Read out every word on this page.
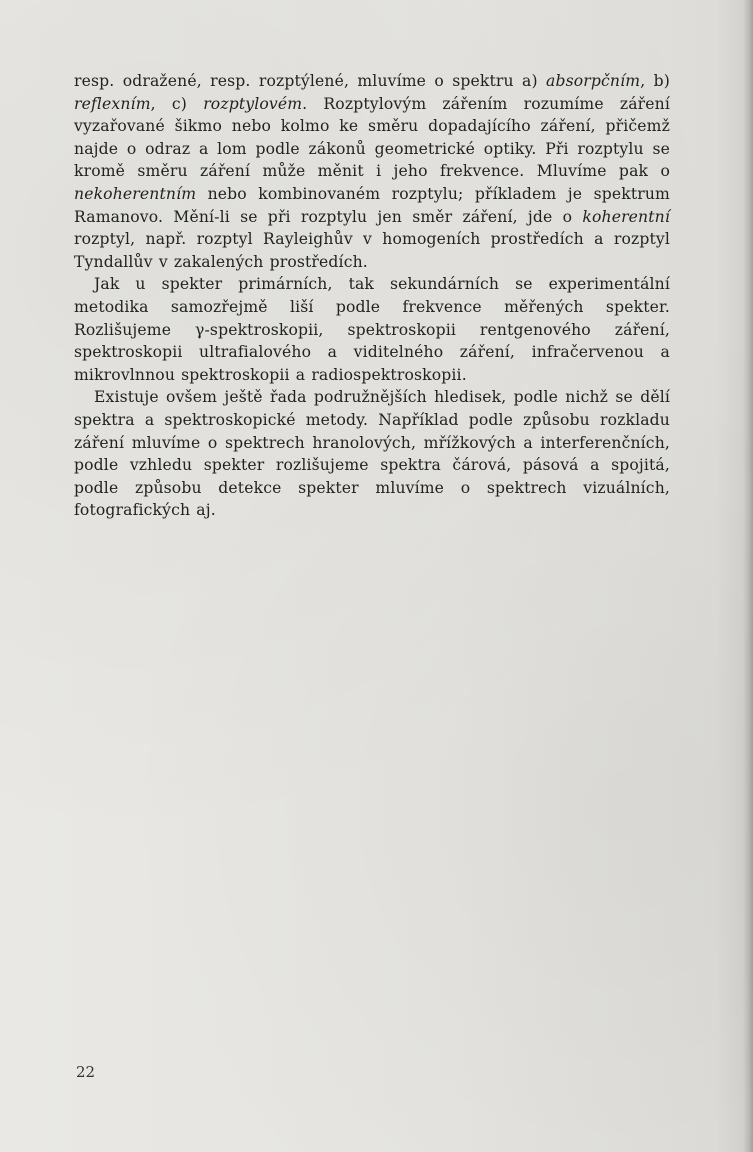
resp. odražené, resp. rozptýlené, mluvíme o spektru a) absorpčním, b) reflexním, c) rozptylovém. Rozptylovým zářením rozumíme záření vyzařované šikmo nebo kolmo ke směru dopadajícího záření, přičemž najde o odraz a lom podle zákonů geometrické optiky. Při rozptylu se kromě směru záření může měnit i jeho frekvence. Mluvíme pak o nekoherentním nebo kombinovaném rozptylu; příkladem je spektrum Ramanovo. Mění-li se při rozptylu jen směr záření, jde o koherentní rozptyl, např. rozptyl Rayleighův v homogeních prostředích a rozptyl Tyndallův v zakalených prostředích.

Jak u spekter primárních, tak sekundárních se experimentální metodika samozřejmě liší podle frekvence měřených spekter. Rozlišujeme γ-spektroskopii, spektroskopii rentgenového záření, spektroskopii ultrafialového a viditelného záření, infračervenou a mikrovlnnou spektroskopii a radiospektroskopii.

Existuje ovšem ještě řada podružnějších hledisek, podle nichž se dělí spektra a spektroskopické metody. Například podle způsobu rozkladu záření mluvíme o spektrech hranolových, mřížkových a interferenčních, podle vzhledu spekter rozlišujeme spektra čárová, pásová a spojitá, podle způsobu detekce spekter mluvíme o spektrech vizuálních, fotografických aj.

22
